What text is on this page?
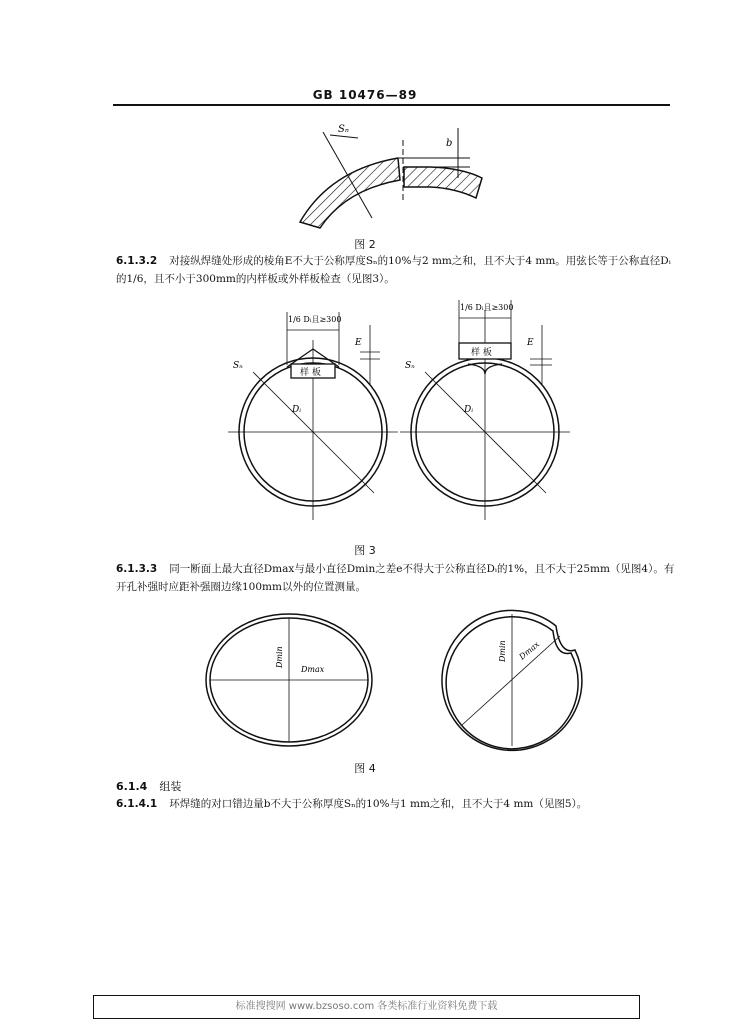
GB 10476—89
Sₙ
b
图 2
6.1.3.2 对接纵焊缝处形成的棱角E不大于公称厚度Sₙ的10%与2 mm之和，且不大于4 mm。用弦长等于公称直径Dᵢ的1/6，且不小于300mm的内样板或外样板检查（见图3）。
样 板
1/6 Dᵢ且≥300
E
Sₙ
Dᵢ
样 板
1/6 Dᵢ且≥300
E
Sₙ
Dᵢ
图 3
6.1.3.3 同一断面上最大直径Dmax与最小直径Dmin之差e不得大于公称直径Dᵢ的1%，且不大于25mm（见图4）。有开孔补强时应距补强圈边缘100mm以外的位置测量。
Dmin
Dmax
Dmin Dmax
图 4
6.1.4 组装
6.1.4.1 环焊缝的对口错边量b不大于公称厚度Sₙ的10%与1 mm之和，且不大于4 mm（见图5）。
标准搜搜网 www.bzsoso.com 各类标准行业资料免费下载
